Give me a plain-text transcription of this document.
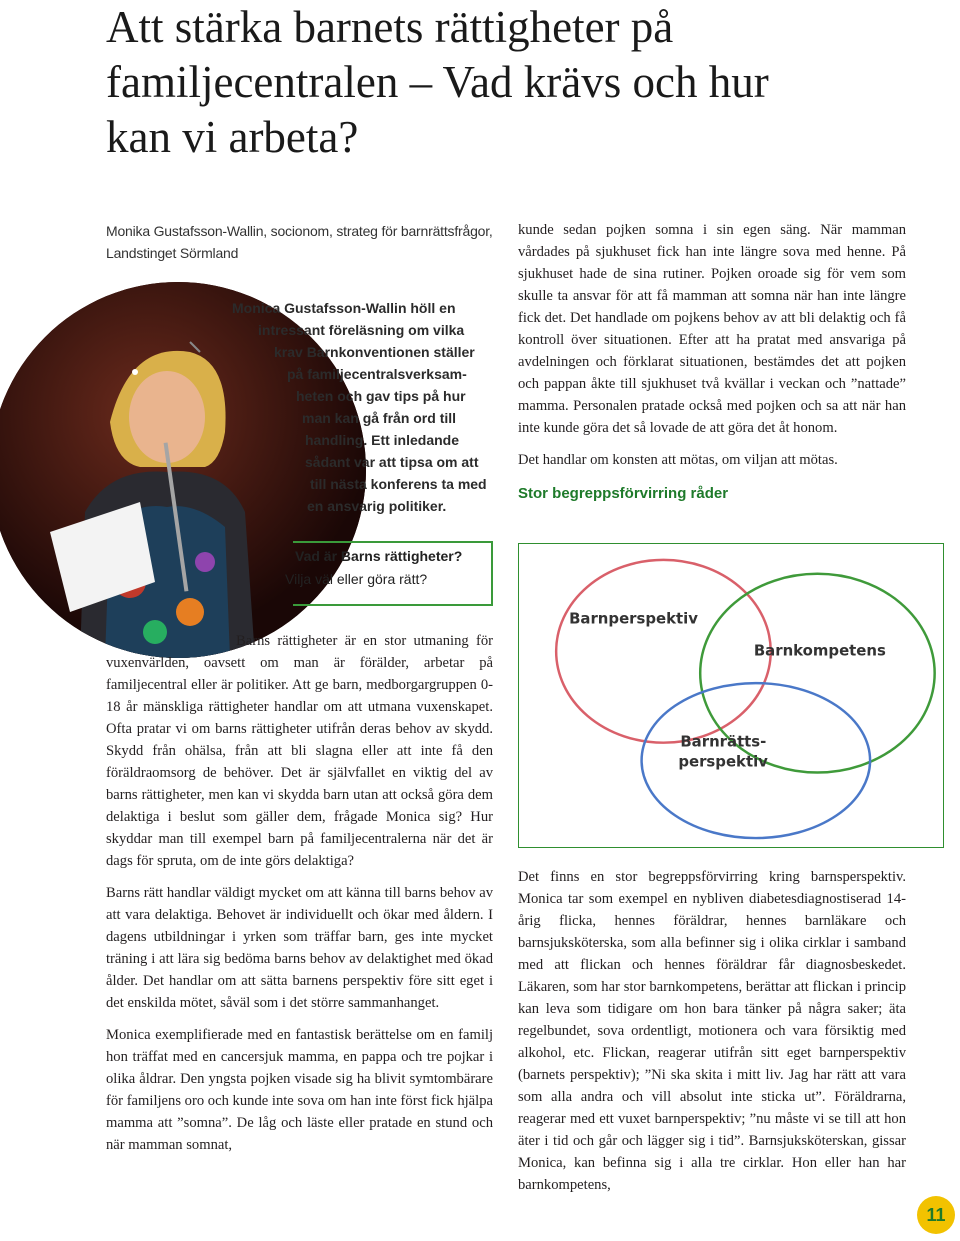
Att stärka barnets rättigheter på
familjecentralen – Vad krävs och hur
kan vi arbeta?
Monika Gustafsson-Wallin, socionom, strateg för barnrättsfrågor,
Landstinget Sörmland

Monica Gustafsson-Wallin höll en

intressant föreläsning om vilka

krav Barnkonventionen ställer

på familjecentralsverksam-

heten och gav tips på hur

man kan gå från ord till

handling. Ett inledande

sådant var att tipsa om att

till nästa konferens ta med

en ansvarig politiker.

Vad är Barns rättigheter?
Vilja väl eller göra rätt?

Barns rättigheter är en stor utmaning för vuxenvärlden, oavsett om man är förälder, arbetar på familjecentral eller är politiker. Att ge barn, medborgargruppen 0-18 år mänskliga rättigheter handlar om att utmana vuxenskapet. Ofta pratar vi om barns rättigheter utifrån deras behov av skydd. Skydd från ohälsa, från att bli slagna eller att inte få den föräldraomsorg de behöver. Det är självfallet en viktig del av barns rättigheter, men kan vi skydda barn utan att också göra dem delaktiga i beslut som gäller dem, frågade Monica sig? Hur skyddar man till exempel barn på familjecentralerna när det är dags för spruta, om de inte görs delaktiga?

Barns rätt handlar väldigt mycket om att känna till barns behov av att vara delaktiga. Behovet är individuellt och ökar med åldern. I dagens utbildningar i yrken som träffar barn, ges inte mycket träning i att lära sig bedöma barns behov av delaktighet med ökad ålder. Det handlar om att sätta barnens perspektiv före sitt eget i det enskilda mötet, såväl som i det större sammanhanget.

Monica exemplifierade med en fantastisk berättelse om en familj hon träffat med en cancersjuk mamma, en pappa och tre pojkar i olika åldrar. Den yngsta pojken visade sig ha blivit symtombärare för familjens oro och kunde inte sova om han inte först fick hjälpa mamma att ”somna”. De låg och läste eller pratade en stund och när mamman somnat,

kunde sedan pojken somna i sin egen säng. När mamman vårdades på sjukhuset fick han inte längre sova med henne. På sjukhuset hade de sina rutiner. Pojken oroade sig för vem som skulle ta ansvar för att få mamman att somna när han inte längre fick det. Det handlade om pojkens behov av att bli delaktig och få kontroll över situationen. Efter att ha pratat med ansvariga på avdelningen och förklarat situationen, bestämdes det att pojken och pappan åkte till sjukhuset två kvällar i veckan och ”nattade” mamma. Personalen pratade också med pojken och sa att när han inte kunde göra det så lovade de att göra det åt honom.

Det handlar om konsten att mötas, om viljan att mötas.

Stor begreppsförvirring råder

Barnperspektiv
Barnkompetens
Barnrätts-
perspektiv

Det finns en stor begreppsförvirring kring barnsperspektiv. Monica tar som exempel en nybliven diabetesdiagnostiserad 14-årig flicka, hennes föräldrar, hennes barnläkare och barnsjuksköterska, som alla befinner sig i olika cirklar i samband med att flickan och hennes föräldrar får diagnosbeskedet. Läkaren, som har stor barnkompetens, berättar att flickan i princip kan leva som tidigare om hon bara tänker på några saker; äta regelbundet, sova ordentligt, motionera och vara försiktig med alkohol, etc. Flickan, reagerar utifrån sitt eget barnperspektiv (barnets perspektiv); ”Ni ska skita i mitt liv. Jag har rätt att vara som alla andra och vill absolut inte sticka ut”. Föräldrarna, reagerar med ett vuxet barnperspektiv; ”nu måste vi se till att hon äter i tid och går och lägger sig i tid”. Barnsjuksköterskan, gissar Monica, kan befinna sig i alla tre cirklar. Hon eller han har barnkompetens,

11
